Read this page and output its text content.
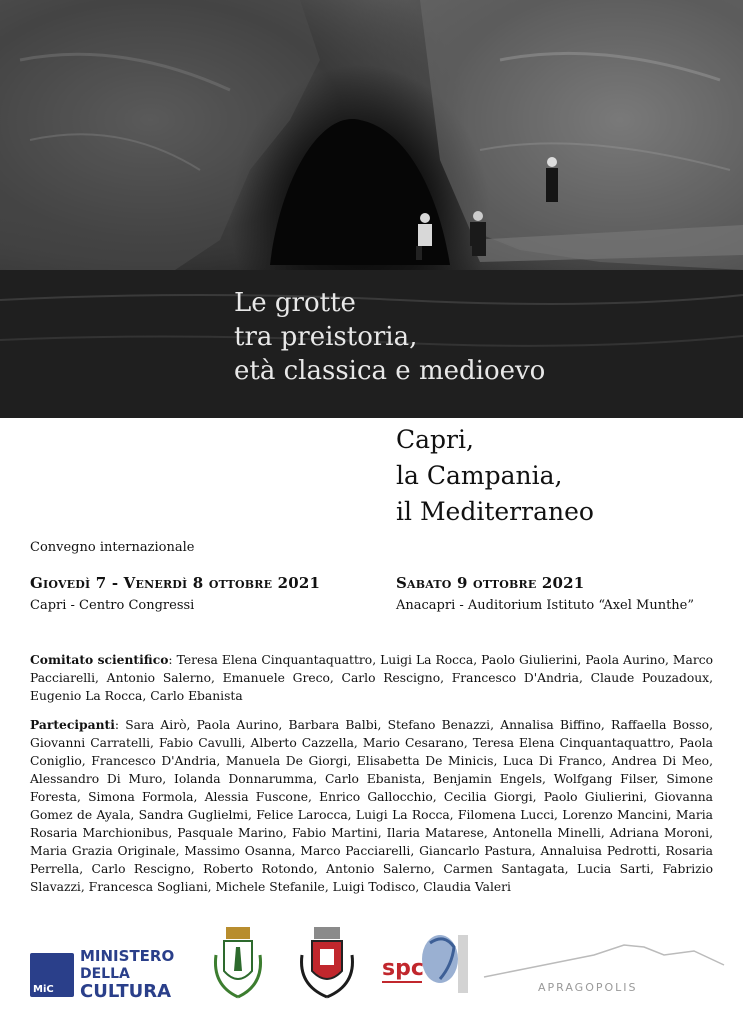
Le grotte
tra preistoria,
età classica e medioevo
Capri,
la Campania,
il Mediterraneo
Convegno internazionale
Giovedì 7 - Venerdì 8 ottobre 2021	Sabato 9 ottobre 2021
Capri - Centro Congressi	Anacapri - Auditorium Istituto “Axel Munthe”
Comitato scientifico: Teresa Elena Cinquantaquattro, Luigi La Rocca, Paolo Giulierini, Paola Aurino, Marco Pacciarelli, Antonio Salerno, Emanuele Greco, Carlo Rescigno, Francesco D'Andria, Claude Pouzadoux, Eugenio La Rocca, Carlo Ebanista
Partecipanti: Sara Airò, Paola Aurino, Barbara Balbi, Stefano Benazzi, Annalisa Biffino, Raffaella Bosso, Giovanni Carratelli, Fabio Cavulli, Alberto Cazzella, Mario Cesarano, Teresa Elena Cinquantaquattro, Paola Coniglio, Francesco D'Andria, Manuela De Giorgi, Elisabetta De Minicis, Luca Di Franco, Andrea Di Meo, Alessandro Di Muro, Iolanda Donnarumma, Carlo Ebanista, Benjamin Engels, Wolfgang Filser, Simone Foresta, Simona Formola, Alessia Fuscone, Enrico Gallocchio, Cecilia Giorgi, Paolo Giulierini, Giovanna Gomez de Ayala, Sandra Guglielmi, Felice Larocca, Luigi La Rocca, Filomena Lucci, Lorenzo Mancini, Maria Rosaria Marchionibus, Pasquale Marino, Fabio Martini, Ilaria Matarese, Antonella Minelli, Adriana Moroni, Maria Grazia Originale, Massimo Osanna, Marco Pacciarelli, Giancarlo Pastura, Annaluisa Pedrotti, Rosaria Perrella, Carlo Rescigno, Roberto Rotondo, Antonio Salerno, Carmen Santagata, Lucia Sarti, Fabrizio Slavazzi, Francesca Sogliani, Michele Stefanile, Luigi Todisco, Claudia Valeri
MiC
MINISTERO
DELLA
CULTURA
spc
APRAGOPOLIS
